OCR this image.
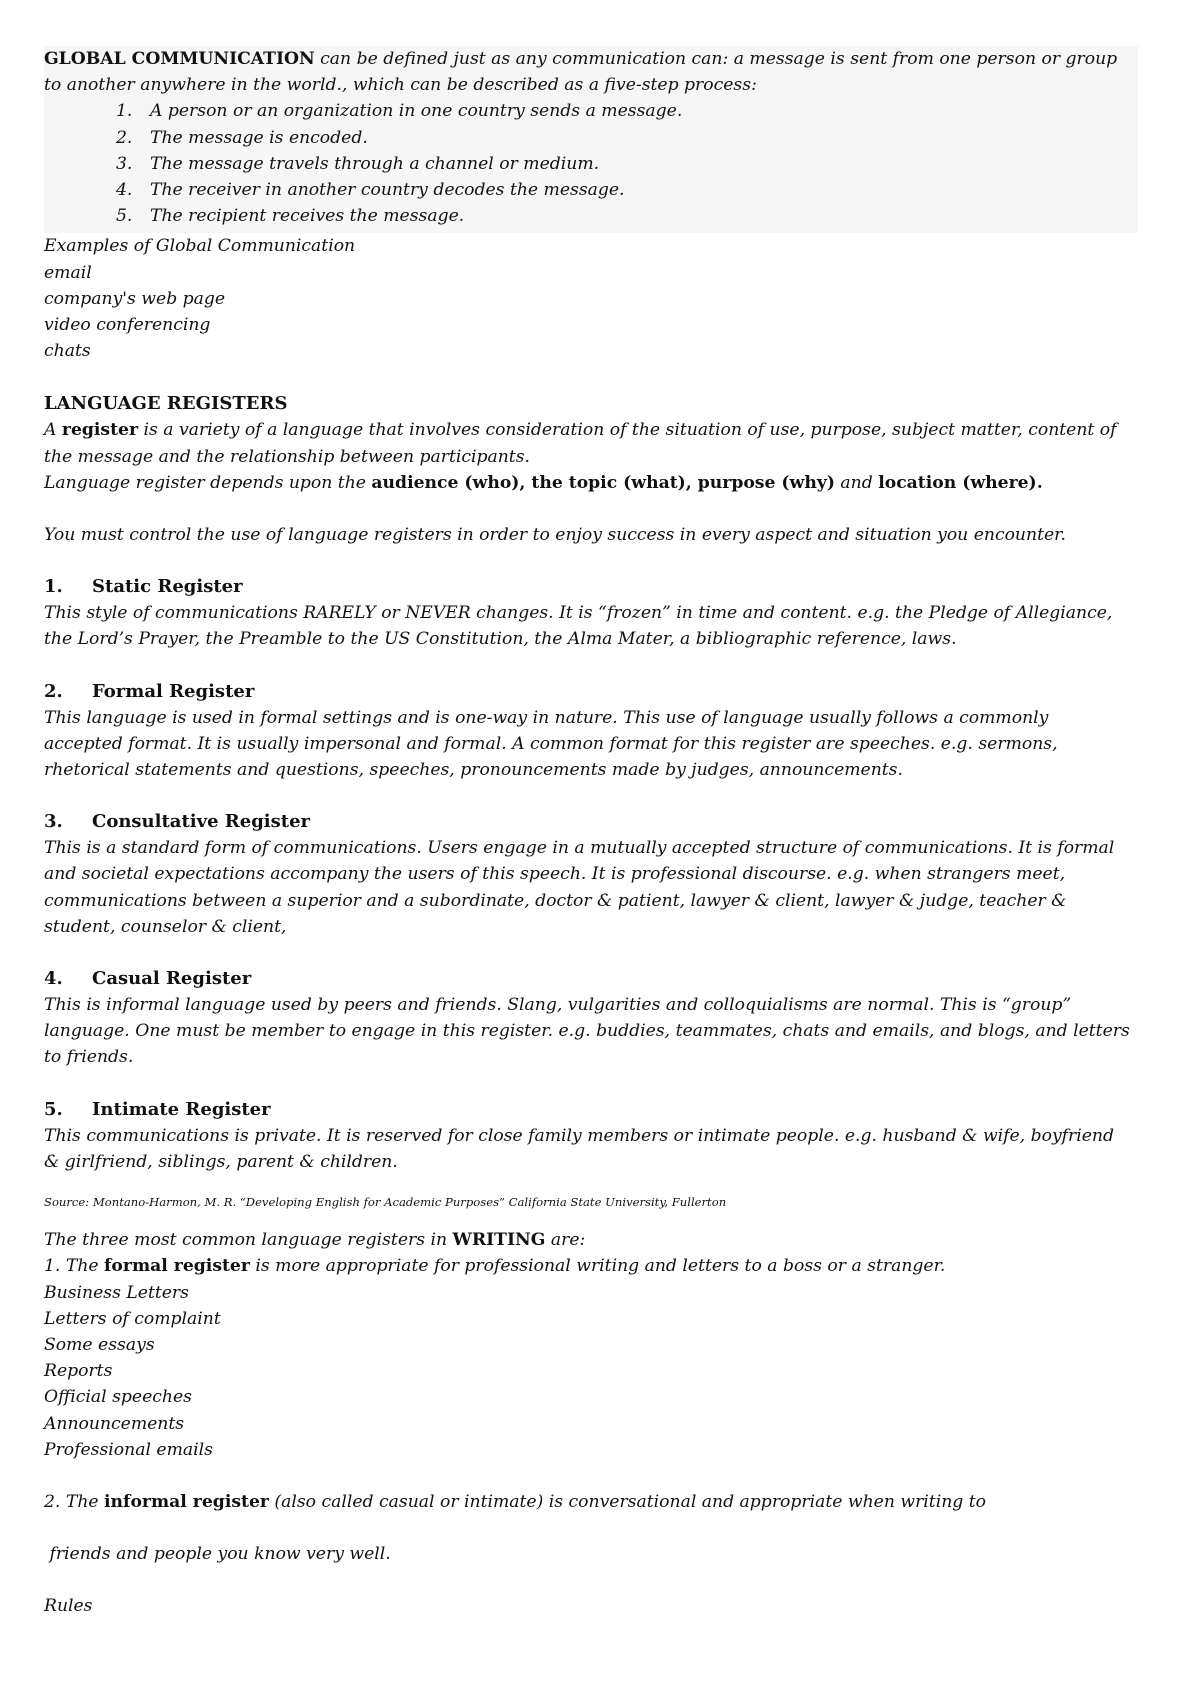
GLOBAL COMMUNICATION can be defined just as any communication can: a message is sent from one person or group to another anywhere in the world., which can be described as a five-step process:

1.	A person or an organization in one country sends a message.
2.	The message is encoded.
3.	The message travels through a channel or medium.
4.	The receiver in another country decodes the message.
5.	The recipient receives the message.
Examples of Global Communication
email
company's web page
video conferencing
chats
LANGUAGE REGISTERS

A register is a variety of a language that involves consideration of the situation of use, purpose, subject matter, content of the message and the relationship between participants.

Language register depends upon the audience (who), the topic (what), purpose (why) and location (where).

You must control the use of language registers in order to enjoy success in every aspect and situation you encounter.

1.	Static Register

This style of communications RARELY or NEVER changes. It is “frozen” in time and content. e.g. the Pledge of Allegiance, the Lord’s Prayer, the Preamble to the US Constitution, the Alma Mater, a bibliographic reference, laws.

2.	Formal Register

This language is used in formal settings and is one-way in nature. This use of language usually follows a commonly accepted format. It is usually impersonal and formal. A common format for this register are speeches. e.g. sermons, rhetorical statements and questions, speeches, pronouncements made by judges, announcements.

3.	Consultative Register

This is a standard form of communications. Users engage in a mutually accepted structure of communications. It is formal and societal expectations accompany the users of this speech. It is professional discourse. e.g. when strangers meet, communications between a superior and a subordinate, doctor & patient, lawyer & client, lawyer & judge, teacher & student, counselor & client,

4.	Casual Register

This is informal language used by peers and friends. Slang, vulgarities and colloquialisms are normal. This is “group” language. One must be member to engage in this register. e.g. buddies, teammates, chats and emails, and blogs, and letters to friends.

5.	Intimate Register

This communications is private. It is reserved for close family members or intimate people. e.g. husband & wife, boyfriend & girlfriend, siblings, parent & children.

Source: Montano-Harmon, M. R. “Developing English for Academic Purposes” California State University, Fullerton

The three most common language registers in WRITING are:

1. The formal register is more appropriate for professional writing and letters to a boss or a stranger.

Business Letters
Letters of complaint
Some essays
Reports
Official speeches
Announcements
Professional emails

2. The informal register (also called casual or intimate) is conversational and appropriate when writing to

friends and people you know very well.

Rules
